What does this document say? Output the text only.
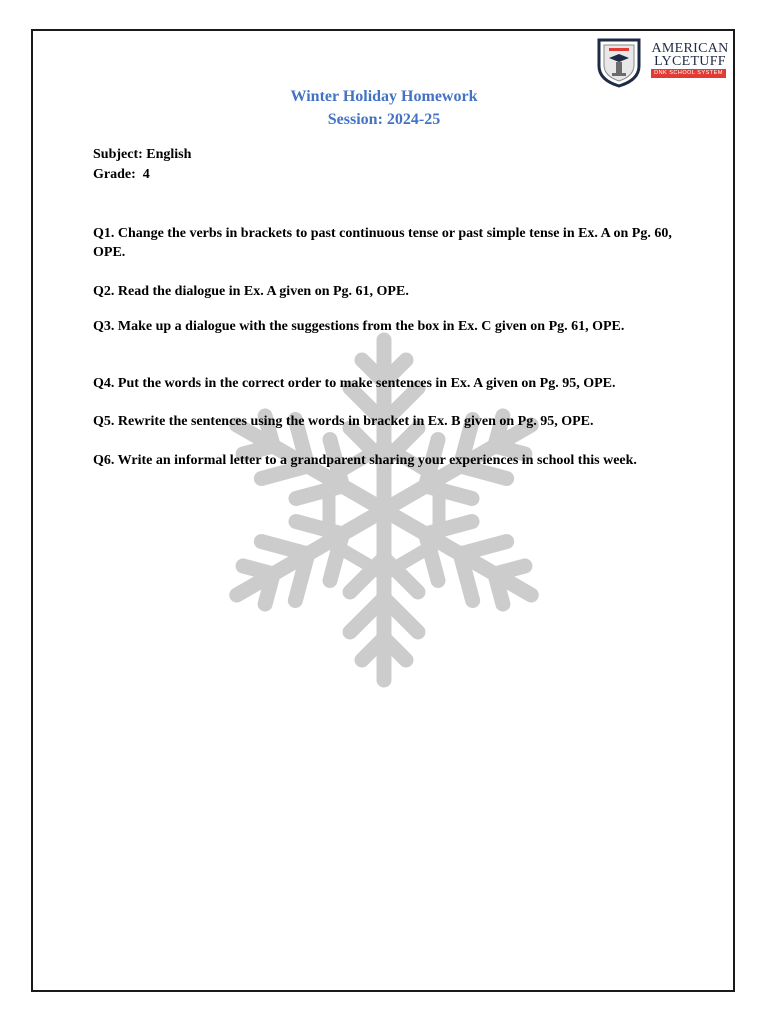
AMERICAN
LYCETUFF
DNK SCHOOL SYSTEM
Winter Holiday Homework
Session: 2024-25
Subject: English
Grade:  4
Q1. Change the verbs in brackets to past continuous tense or past simple tense in Ex. A on Pg. 60, OPE.
Q2. Read the dialogue in Ex. A given on Pg. 61, OPE.
Q3. Make up a dialogue with the suggestions from the box in Ex. C given on Pg. 61, OPE.
Q4. Put the words in the correct order to make sentences in Ex. A given on Pg. 95, OPE.
Q5. Rewrite the sentences using the words in bracket in Ex. B given on Pg. 95, OPE.
Q6. Write an informal letter to a grandparent sharing your experiences in school this week.
